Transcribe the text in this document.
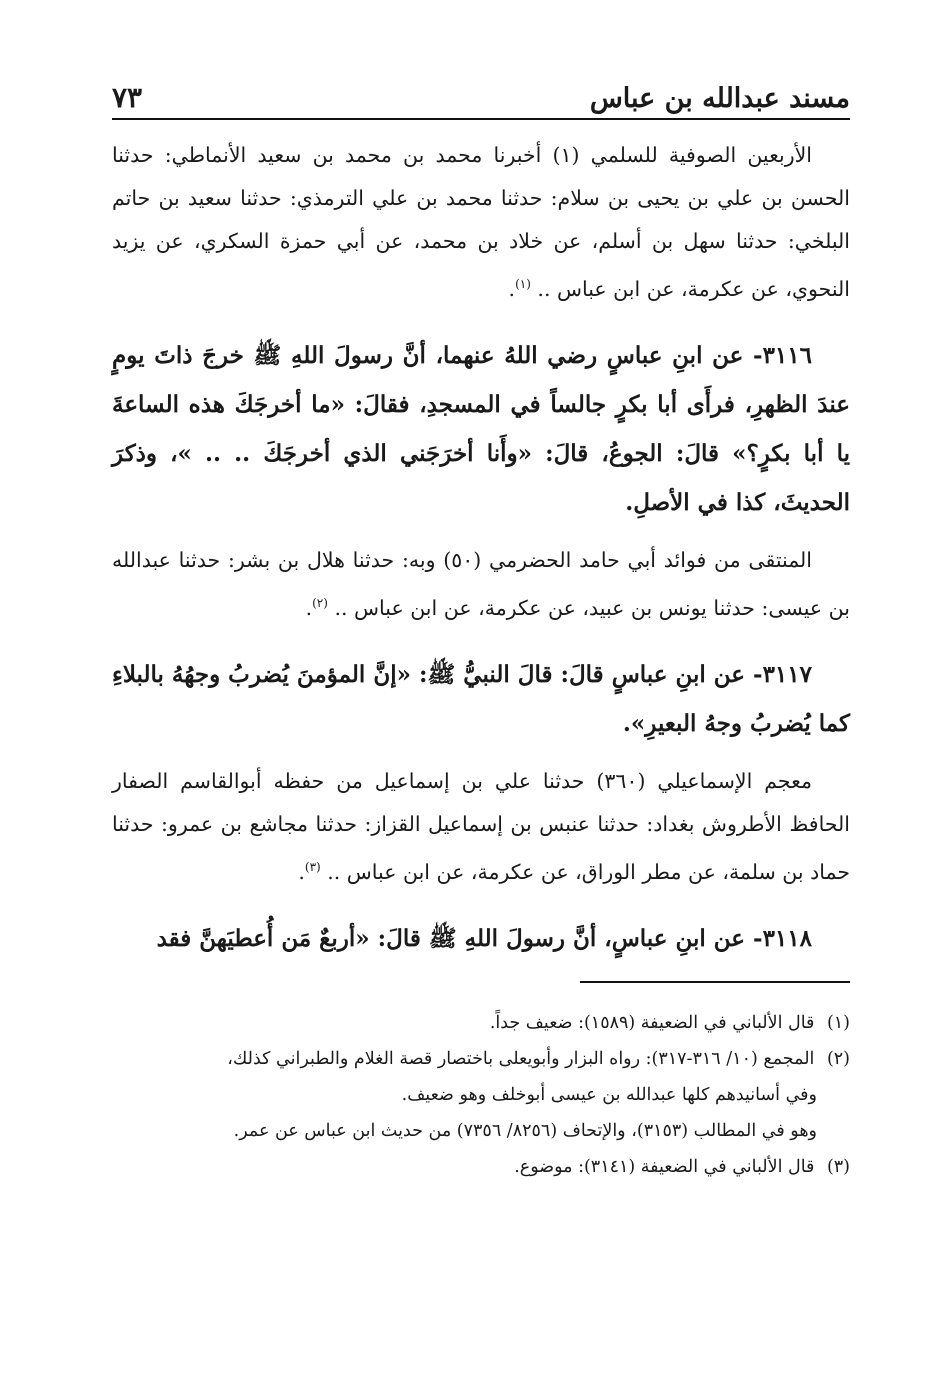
مسند عبدالله بن عباس
٧٣

الأربعين الصوفية للسلمي (١) أخبرنا محمد بن محمد بن سعيد الأنماطي: حدثنا الحسن بن علي بن يحيى بن سلام: حدثنا محمد بن علي الترمذي: حدثنا سعيد بن حاتم البلخي: حدثنا سهل بن أسلم، عن خلاد بن محمد، عن أبي حمزة السكري، عن يزيد النحوي، عن عكرمة، عن ابن عباس .. $^{(١)}$.

٣١١٦- عن ابنِ عباسٍ رضي اللهُ عنهما، أنَّ رسولَ اللهِ ﷺ خرجَ ذاتَ يومٍ عندَ الظهرِ، فرأَى أبا بكرٍ جالساً في المسجدِ، فقالَ: «ما أخرجَكَ هذه الساعةَ يا أبا بكرٍ؟» قالَ: الجوعُ، قالَ: «وأَنا أخرَجَني الذي أخرجَكَ .. .. »، وذكرَ الحديثَ، كذا في الأصلِ.

المنتقى من فوائد أبي حامد الحضرمي (٥٠) وبه: حدثنا هلال بن بشر: حدثنا عبدالله بن عيسى: حدثنا يونس بن عبيد، عن عكرمة، عن ابن عباس .. $^{(٢)}$.

٣١١٧- عن ابنِ عباسٍ قالَ: قالَ النبيُّ ﷺ: «إنَّ المؤمنَ يُضربُ وجهُهُ بالبلاءِ كما يُضربُ وجهُ البعيرِ».

معجم الإسماعيلي (٣٦٠) حدثنا علي بن إسماعيل من حفظه أبوالقاسم الصفار الحافظ الأطروش بغداد: حدثنا عنبس بن إسماعيل القزاز: حدثنا مجاشع بن عمرو: حدثنا حماد بن سلمة، عن مطر الوراق، عن عكرمة، عن ابن عباس .. $^{(٣)}$.

٣١١٨- عن ابنِ عباسٍ، أنَّ رسولَ اللهِ ﷺ قالَ: «أربعٌ مَن أُعطيَهنَّ فقد

(١) قال الألباني في الضعيفة (١٥٨٩): ضعيف جداً.
(٢) المجمع (١٠/ ٣١٦-٣١٧): رواه البزار وأبويعلى باختصار قصة الغلام والطبراني كذلك،
وفي أسانيدهم كلها عبدالله بن عيسى أبوخلف وهو ضعيف.
وهو في المطالب (٣١٥٣)، والإتحاف (٨٢٥٦/ ٧٣٥٦) من حديث ابن عباس عن عمر.
(٣) قال الألباني في الضعيفة (٣١٤١): موضوع.
